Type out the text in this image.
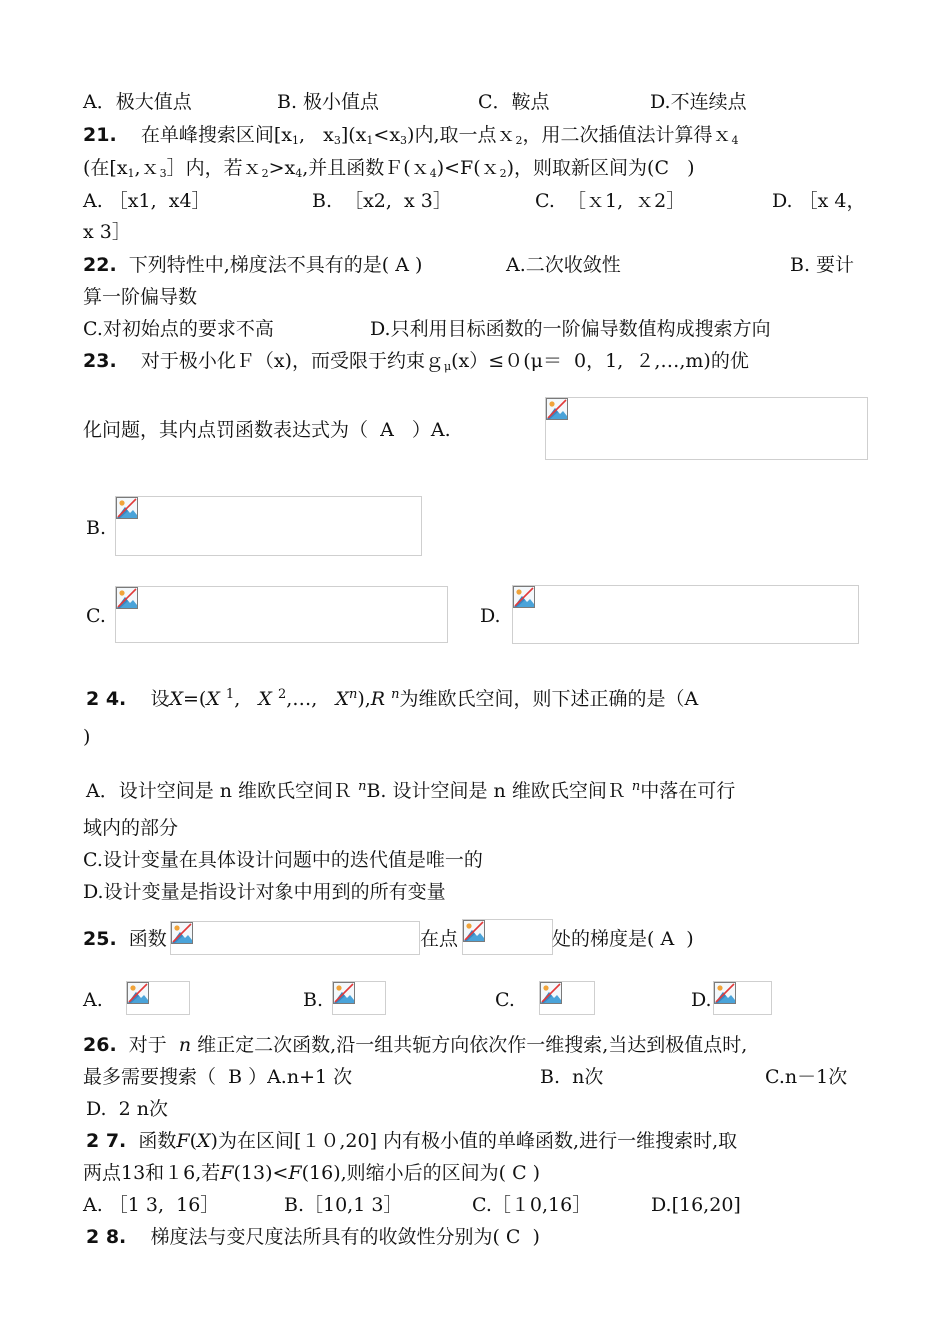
A．极大值点	B. 极小值点	C．鞍点	D.不连续点
21. 在单峰搜索区间[$x_1$,   $x_3](x_1<x_3)$内,取一点ｘ$_2$，用二次插值法计算得ｘ$_4$
(在[$x_1,x_3]$内，若$x_2>x_4$,并且函数Ｆ(ｘ$_4$)<F(ｘ$_2$)，则取新区间为(C   )
A. ［x1,  x4］	B.  ［x2,  x 3］	C.  ［ｘ1,  ｘ2］	D. ［x 4，
x 3］
22. 下列特性中,梯度法不具有的是( A )	A.二次收敛性	B. 要计
算一阶偏导数
C.对初始点的要求不高	D.只利用目标函数的一阶偏导数值构成搜索方向
23. 对于极小化Ｆ（x)，而受限于约束ｇ$_\mu$(x）≤０(μ＝  0，1,  ２,…,m)的优
化问题，其内点罚函数表达式为（  A   ）A.
B.
C.	D.
2 4. 设X=(X $^1$,   X $^2$,…,   $X^n),R$ $^n$为维欧氏空间，则下述正确的是（A
)
A．设计空间是 n 维欧氏空间Ｒ $^n$B. 设计空间是 n 维欧氏空间Ｒ $^n$中落在可行
域内的部分
C.设计变量在具体设计问题中的迭代值是唯一的
D.设计变量是指设计对象中用到的所有变量
25. 函数	在点	处的梯度是( A  )
A.	B.	C.	D.
26. 对于 n 维正定二次函数,沿一组共轭方向依次作一维搜索,当达到极值点时,
最多需要搜索（  B ）A.n+1 次	B.  n次	C.n－1次
D.  2 n次
2 7. 函数F(X)为在区间[１０,20] 内有极小值的单峰函数,进行一维搜索时,取
两点13和１6,若F(13)<F(16),则缩小后的区间为( C )
A. ［1 3,  16］	B.［10,1 3］	C.［１0,16］	D.[16,20]
2 8. 梯度法与变尺度法所具有的收敛性分别为( C  )
